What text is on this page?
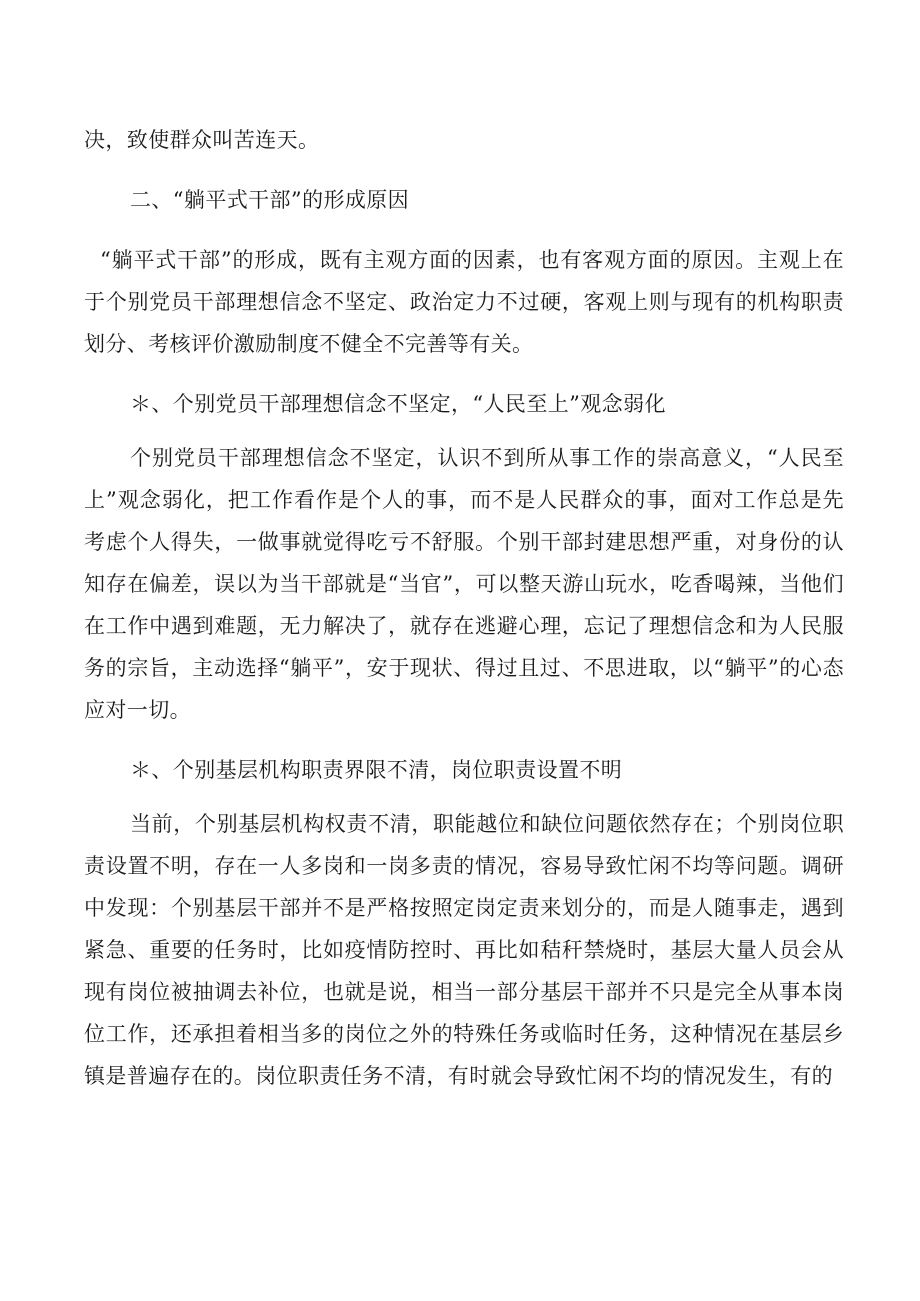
决，致使群众叫苦连天。

二、“躺平式干部”的形成原因

“躺平式干部”的形成，既有主观方面的因素，也有客观方面的原因。主观上在于个别党员干部理想信念不坚定、政治定力不过硬，客观上则与现有的机构职责划分、考核评价激励制度不健全不完善等有关。

＊、个别党员干部理想信念不坚定，“人民至上”观念弱化

个别党员干部理想信念不坚定，认识不到所从事工作的崇高意义，“人民至上”观念弱化，把工作看作是个人的事，而不是人民群众的事，面对工作总是先考虑个人得失，一做事就觉得吃亏不舒服。个别干部封建思想严重，对身份的认知存在偏差，误以为当干部就是“当官”，可以整天游山玩水，吃香喝辣，当他们在工作中遇到难题，无力解决了，就存在逃避心理，忘记了理想信念和为人民服务的宗旨，主动选择“躺平”，安于现状、得过且过、不思进取，以“躺平”的心态应对一切。

＊、个别基层机构职责界限不清，岗位职责设置不明

当前，个别基层机构权责不清，职能越位和缺位问题依然存在；个别岗位职责设置不明，存在一人多岗和一岗多责的情况，容易导致忙闲不均等问题。调研中发现：个别基层干部并不是严格按照定岗定责来划分的，而是人随事走，遇到紧急、重要的任务时，比如疫情防控时、再比如秸秆禁烧时，基层大量人员会从现有岗位被抽调去补位，也就是说，相当一部分基层干部并不只是完全从事本岗位工作，还承担着相当多的岗位之外的特殊任务或临时任务，这种情况在基层乡镇是普遍存在的。岗位职责任务不清，有时就会导致忙闲不均的情况发生，有的
